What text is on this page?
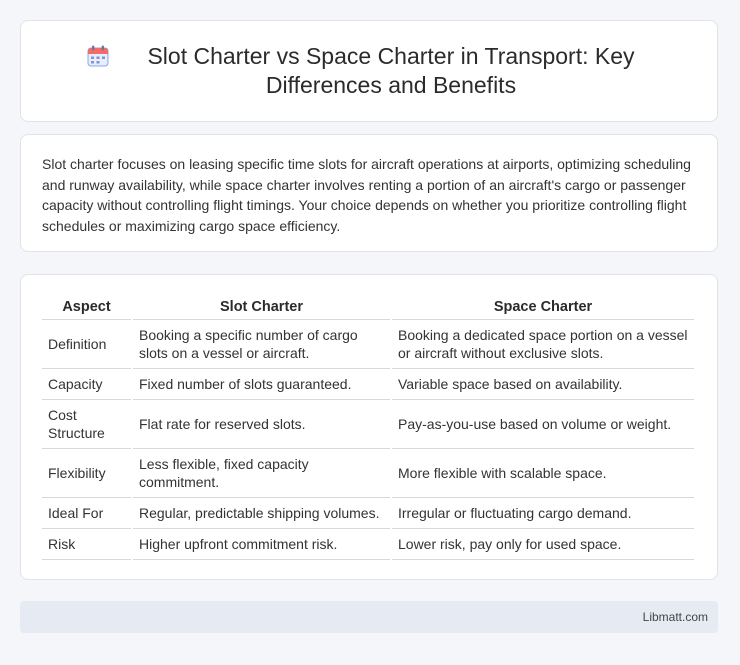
Slot Charter vs Space Charter in Transport: Key Differences and Benefits

Slot charter focuses on leasing specific time slots for aircraft operations at airports, optimizing scheduling and runway availability, while space charter involves renting a portion of an aircraft's cargo or passenger capacity without controlling flight timings. Your choice depends on whether you prioritize controlling flight schedules or maximizing cargo space efficiency.

Aspect	Slot Charter	Space Charter
Definition	Booking a specific number of cargo slots on a vessel or aircraft.	Booking a dedicated space portion on a vessel or aircraft without exclusive slots.
Capacity	Fixed number of slots guaranteed.	Variable space based on availability.
Cost Structure	Flat rate for reserved slots.	Pay-as-you-use based on volume or weight.
Flexibility	Less flexible, fixed capacity commitment.	More flexible with scalable space.
Ideal For	Regular, predictable shipping volumes.	Irregular or fluctuating cargo demand.
Risk	Higher upfront commitment risk.	Lower risk, pay only for used space.
Libmatt.com
